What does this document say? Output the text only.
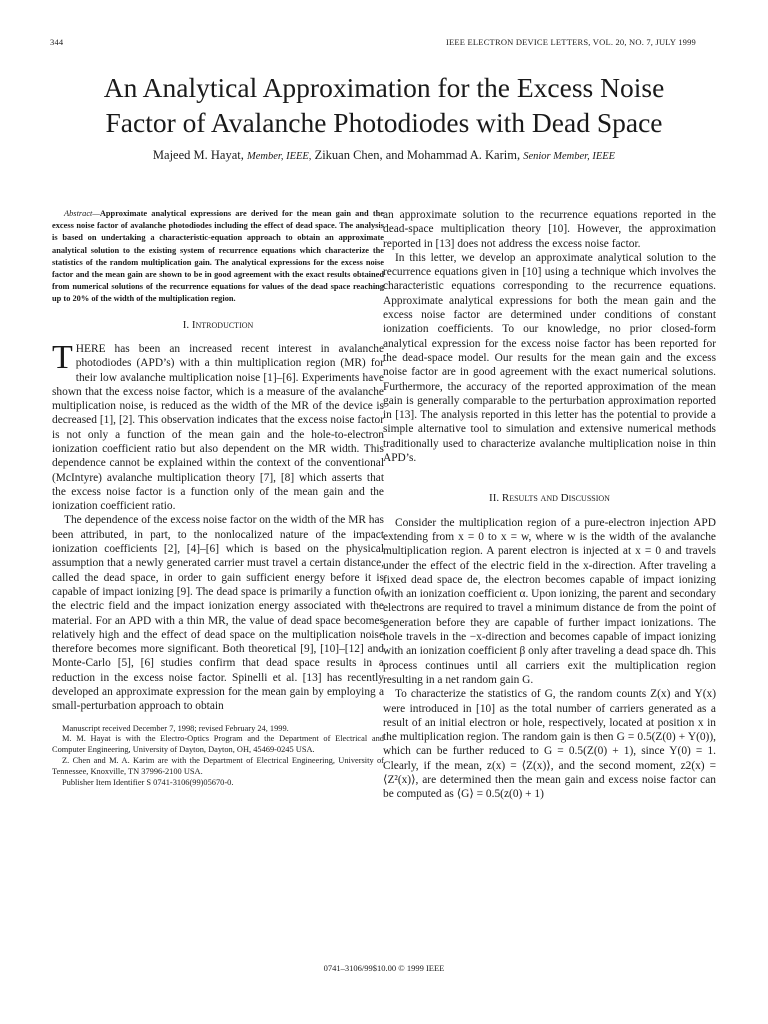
344	IEEE ELECTRON DEVICE LETTERS, VOL. 20, NO. 7, JULY 1999
An Analytical Approximation for the Excess Noise
Factor of Avalanche Photodiodes with Dead Space
Majeed M. Hayat, Member, IEEE, Zikuan Chen, and Mohammad A. Karim, Senior Member, IEEE

Abstract—Approximate analytical expressions are derived for the mean gain and the excess noise factor of avalanche photodiodes including the effect of dead space. The analysis is based on undertaking a characteristic-equation approach to obtain an approximate analytical solution to the existing system of recurrence equations which characterize the statistics of the random multiplication gain. The analytical expressions for the excess noise factor and the mean gain are shown to be in good agreement with the exact results obtained from numerical solutions of the recurrence equations for values of the dead space reaching up to 20% of the width of the multiplication region.

I. Introduction

THERE has been an increased recent interest in avalanche photodiodes (APD’s) with a thin multiplication region (MR) for their low avalanche multiplication noise [1]–[6]. Experiments have shown that the excess noise factor, which is a measure of the avalanche multiplication noise, is reduced as the width of the MR of the device is decreased [1], [2]. This observation indicates that the excess noise factor is not only a function of the mean gain and the hole-to-electron ionization coefficient ratio but also dependent on the MR width. This dependence cannot be explained within the context of the conventional (McIntyre) avalanche multiplication theory [7], [8] which asserts that the excess noise factor is a function only of the mean gain and the ionization coefficient ratio.

The dependence of the excess noise factor on the width of the MR has been attributed, in part, to the nonlocalized nature of the impact ionization coefficients [2], [4]–[6] which is based on the physical assumption that a newly generated carrier must travel a certain distance, called the dead space, in order to gain sufficient energy before it is capable of impact ionizing [9]. The dead space is primarily a function of the electric field and the impact ionization energy associated with the material. For an APD with a thin MR, the value of dead space becomes relatively high and the effect of dead space on the multiplication noise therefore becomes more significant. Both theoretical [9], [10]–[12] and Monte-Carlo [5], [6] studies confirm that dead space results in a reduction in the excess noise factor. Spinelli et al. [13] has recently developed an approximate expression for the mean gain by employing a small-perturbation approach to obtain

Manuscript received December 7, 1998; revised February 24, 1999.

M. M. Hayat is with the Electro-Optics Program and the Department of Electrical and Computer Engineering, University of Dayton, Dayton, OH, 45469-0245 USA.

Z. Chen and M. A. Karim are with the Department of Electrical Engineering, University of Tennessee, Knoxville, TN 37996-2100 USA.

Publisher Item Identifier S 0741-3106(99)05670-0.

an approximate solution to the recurrence equations reported in the dead-space multiplication theory [10]. However, the approximation reported in [13] does not address the excess noise factor.

In this letter, we develop an approximate analytical solution to the recurrence equations given in [10] using a technique which involves the characteristic equations corresponding to the recurrence equations. Approximate analytical expressions for both the mean gain and the excess noise factor are determined under conditions of constant ionization coefficients. To our knowledge, no prior closed-form analytical expression for the excess noise factor has been reported for the dead-space model. Our results for the mean gain and the excess noise factor are in good agreement with the exact numerical solutions. Furthermore, the accuracy of the reported approximation of the mean gain is generally comparable to the perturbation approximation reported in [13]. The analysis reported in this letter has the potential to provide a simple alternative tool to simulation and extensive numerical methods traditionally used to characterize avalanche multiplication noise in thin APD’s.

II. Results and Discussion

Consider the multiplication region of a pure-electron injection APD extending from x = 0 to x = w, where w is the width of the avalanche multiplication region. A parent electron is injected at x = 0 and travels under the effect of the electric field in the x-direction. After traveling a fixed dead space de, the electron becomes capable of impact ionizing with an ionization coefficient α. Upon ionizing, the parent and secondary electrons are required to travel a minimum distance de from the point of generation before they are capable of further impact ionizations. The hole travels in the −x-direction and becomes capable of impact ionizing with an ionization coefficient β only after traveling a dead space dh. This process continues until all carriers exit the multiplication region resulting in a net random gain G.

To characterize the statistics of G, the random counts Z(x) and Y(x) were introduced in [10] as the total number of carriers generated as a result of an initial electron or hole, respectively, located at position x in the multiplication region. The random gain is then G = 0.5(Z(0) + Y(0)), which can be further reduced to G = 0.5(Z(0) + 1), since Y(0) = 1. Clearly, if the mean, z(x) = ⟨Z(x)⟩, and the second moment, z2(x) = ⟨Z²(x)⟩, are determined then the mean gain and excess noise factor can be computed as ⟨G⟩ = 0.5(z(0) + 1)

0741–3106/99$10.00 © 1999 IEEE
